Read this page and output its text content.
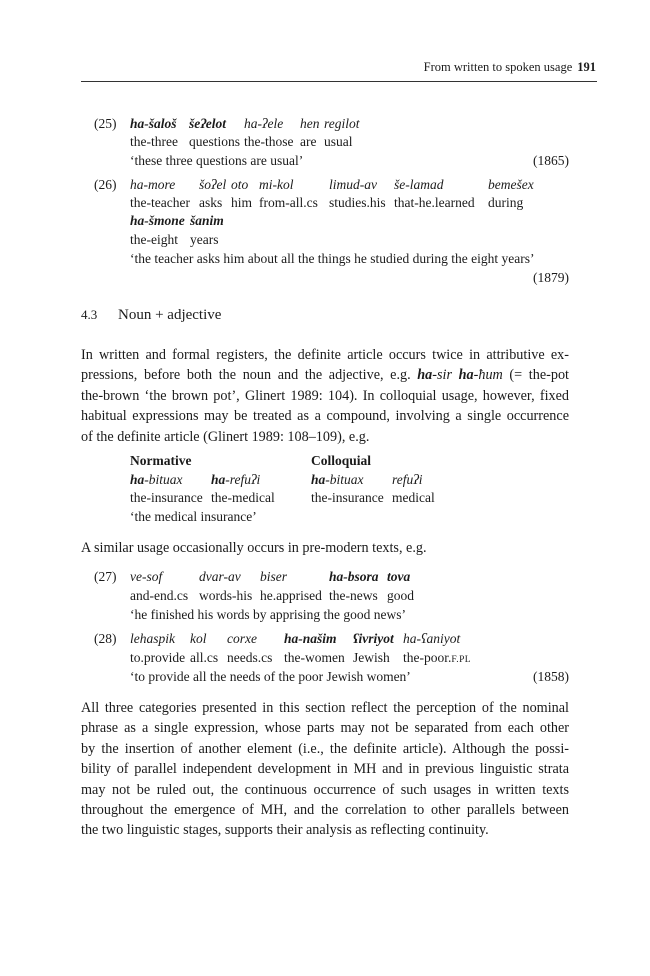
From written to spoken usage 191
(25) ha-šaloš šeʔelot ha-ʔele hen regilot
the-three questions the-those are usual
‘these three questions are usual’	(1865)
(26) ha-more šoʔel oto mi-kol	limud-av še-lamad	bemešex
the-teacher asks him from-all.cs studies.his that-he.learned during
ha-šmone šanim
the-eight years
‘the teacher asks him about all the things he studied during the eight years’
(1879)
4.3 Noun + adjective
In written and formal registers, the definite article occurs twice in attributive ex-
pressions, before both the noun and the adjective, e.g. ha-sir ha-ħum (= the-pot
the-brown ‘the brown pot’, Glinert 1989: 104). In colloquial usage, however, fixed
habitual expressions may be treated as a compound, involving a single occurrence
of the definite article (Glinert 1989: 108–109), e.g.
Normative	Colloquial
ha-bituax ha-refuʔi	ha-bituax refuʔi
the-insurance the-medical	the-insurance medical
‘the medical insurance’
A similar usage occasionally occurs in pre-modern texts, e.g.
(27) ve-sof	dvar-av biser	ha-bsora tova
and-end.cs words-his he.apprised the-news good
‘he finished his words by apprising the good news’
(28) lehaspik kol corxe ha-našim ʕivriyot ha-ʕaniyot
to.provide all.cs needs.cs the-women Jewish the-poor.F.PL
‘to provide all the needs of the poor Jewish women’	(1858)
All three categories presented in this section reflect the perception of the nominal
phrase as a single expression, whose parts may not be separated from each other
by the insertion of another element (i.e., the definite article). Although the possi-
bility of parallel independent development in MH and in previous linguistic strata
may not be ruled out, the continuous occurrence of such usages in written texts
throughout the emergence of MH, and the correlation to other parallels between
the two linguistic stages, supports their analysis as reflecting continuity.
